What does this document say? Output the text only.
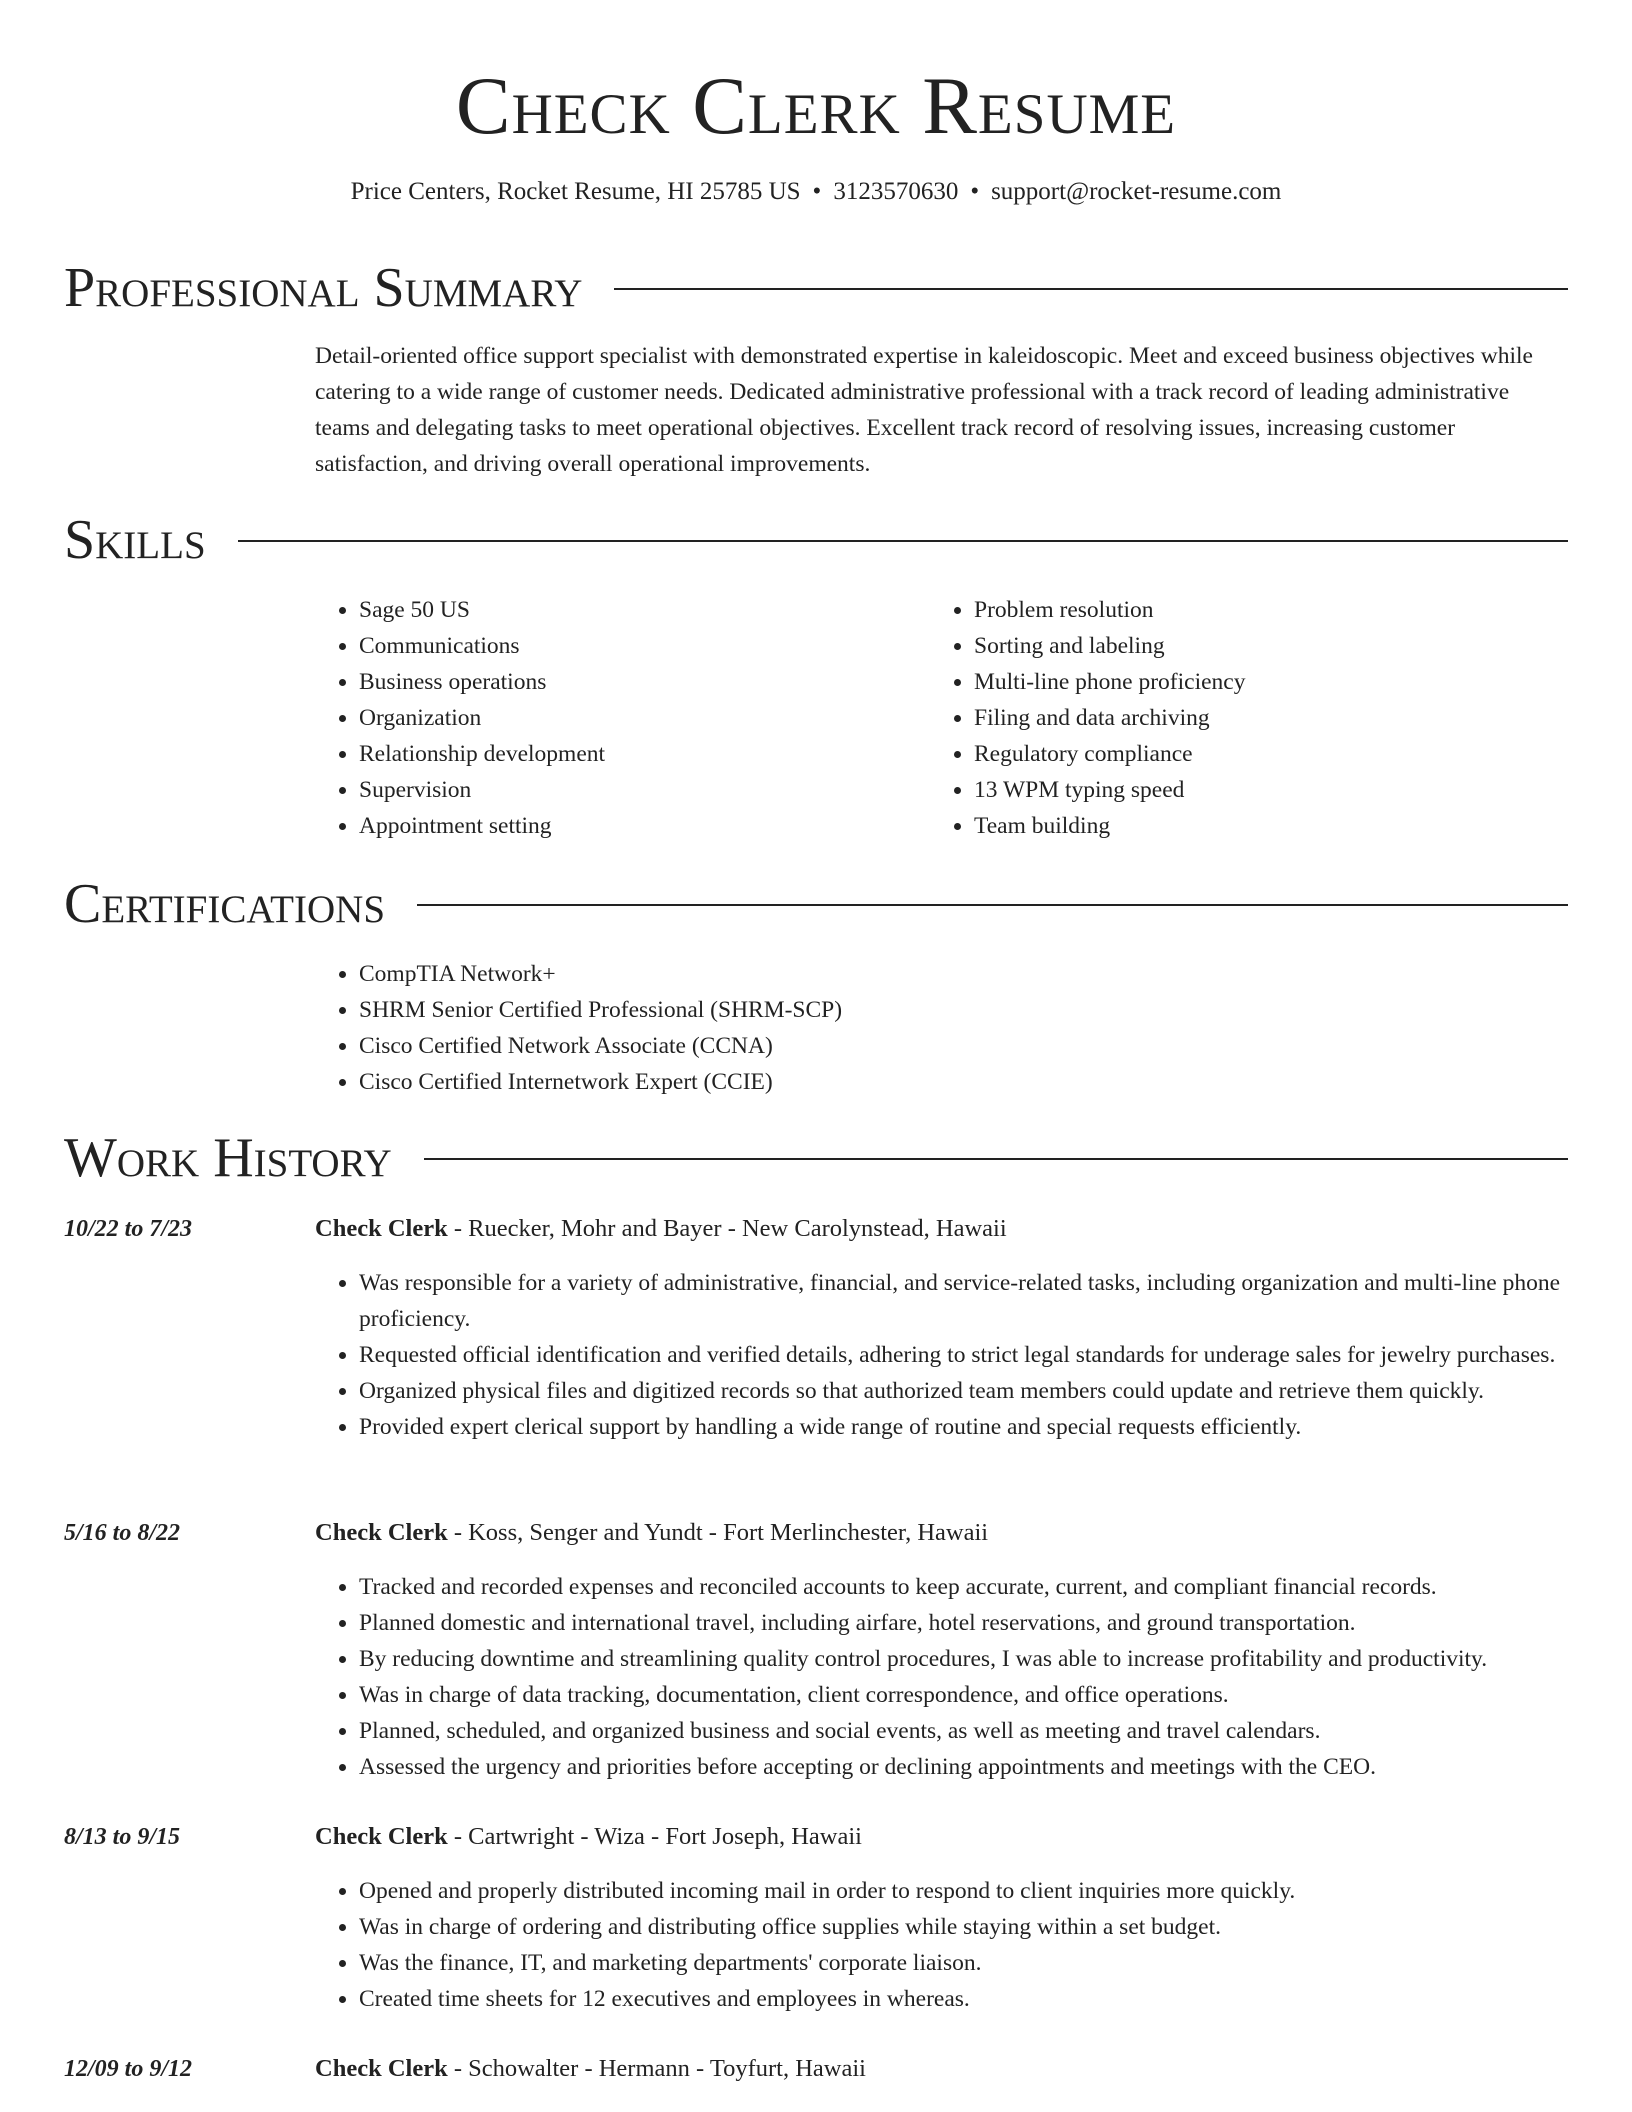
Check Clerk Resume
Price Centers, Rocket Resume, HI 25785 US • 3123570630 • support@rocket-resume.com
Professional Summary
Detail-oriented office support specialist with demonstrated expertise in kaleidoscopic. Meet and exceed business objectives while catering to a wide range of customer needs. Dedicated administrative professional with a track record of leading administrative teams and delegating tasks to meet operational objectives. Excellent track record of resolving issues, increasing customer satisfaction, and driving overall operational improvements.
Skills
• Sage 50 US
• Communications
• Business operations
• Organization
• Relationship development
• Supervision
• Appointment setting
• Problem resolution
• Sorting and labeling
• Multi-line phone proficiency
• Filing and data archiving
• Regulatory compliance
• 13 WPM typing speed
• Team building
Certifications
• CompTIA Network+
• SHRM Senior Certified Professional (SHRM-SCP)
• Cisco Certified Network Associate (CCNA)
• Cisco Certified Internetwork Expert (CCIE)
Work History
10/22 to 7/23	Check Clerk - Ruecker, Mohr and Bayer - New Carolynstead, Hawaii
• Was responsible for a variety of administrative, financial, and service-related tasks, including organization and multi-line phone proficiency.
• Requested official identification and verified details, adhering to strict legal standards for underage sales for jewelry purchases.
• Organized physical files and digitized records so that authorized team members could update and retrieve them quickly.
• Provided expert clerical support by handling a wide range of routine and special requests efficiently.
5/16 to 8/22	Check Clerk - Koss, Senger and Yundt - Fort Merlinchester, Hawaii
• Tracked and recorded expenses and reconciled accounts to keep accurate, current, and compliant financial records.
• Planned domestic and international travel, including airfare, hotel reservations, and ground transportation.
• By reducing downtime and streamlining quality control procedures, I was able to increase profitability and productivity.
• Was in charge of data tracking, documentation, client correspondence, and office operations.
• Planned, scheduled, and organized business and social events, as well as meeting and travel calendars.
• Assessed the urgency and priorities before accepting or declining appointments and meetings with the CEO.
8/13 to 9/15	Check Clerk - Cartwright - Wiza - Fort Joseph, Hawaii
• Opened and properly distributed incoming mail in order to respond to client inquiries more quickly.
• Was in charge of ordering and distributing office supplies while staying within a set budget.
• Was the finance, IT, and marketing departments' corporate liaison.
• Created time sheets for 12 executives and employees in whereas.
12/09 to 9/12	Check Clerk - Schowalter - Hermann - Toyfurt, Hawaii
